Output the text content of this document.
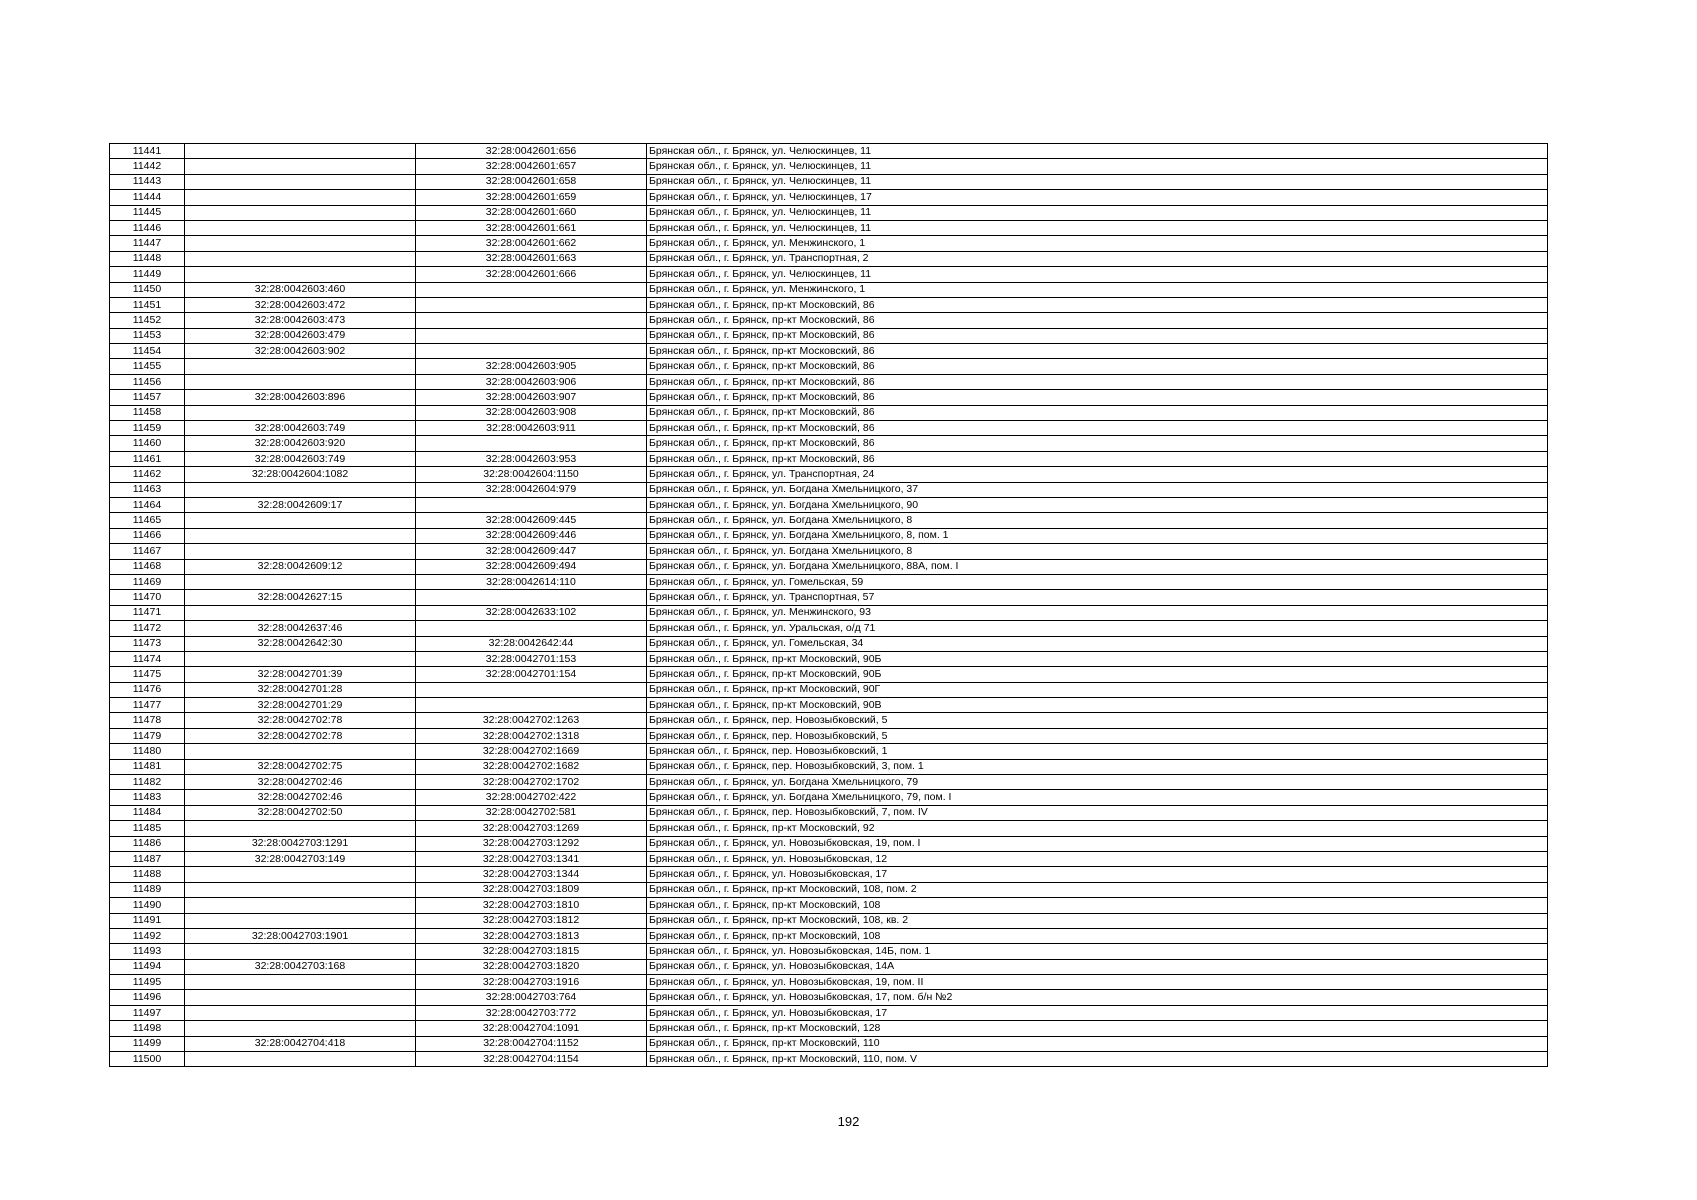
11441		32:28:0042601:656	Брянская обл., г. Брянск, ул. Челюскинцев, 11
11442		32:28:0042601:657	Брянская обл., г. Брянск, ул. Челюскинцев, 11
11443		32:28:0042601:658	Брянская обл., г. Брянск, ул. Челюскинцев, 11
11444		32:28:0042601:659	Брянская обл., г. Брянск, ул. Челюскинцев, 17
11445		32:28:0042601:660	Брянская обл., г. Брянск, ул. Челюскинцев, 11
11446		32:28:0042601:661	Брянская обл., г. Брянск, ул. Челюскинцев, 11
11447		32:28:0042601:662	Брянская обл., г. Брянск, ул. Менжинского, 1
11448		32:28:0042601:663	Брянская обл., г. Брянск, ул. Транспортная, 2
11449		32:28:0042601:666	Брянская обл., г. Брянск, ул. Челюскинцев, 11
11450	32:28:0042603:460		Брянская обл., г. Брянск, ул. Менжинского, 1
11451	32:28:0042603:472		Брянская обл., г. Брянск, пр-кт Московский, 86
11452	32:28:0042603:473		Брянская обл., г. Брянск, пр-кт Московский, 86
11453	32:28:0042603:479		Брянская обл., г. Брянск, пр-кт Московский, 86
11454	32:28:0042603:902		Брянская обл., г. Брянск, пр-кт Московский, 86
11455		32:28:0042603:905	Брянская обл., г. Брянск, пр-кт Московский, 86
11456		32:28:0042603:906	Брянская обл., г. Брянск, пр-кт Московский, 86
11457	32:28:0042603:896	32:28:0042603:907	Брянская обл., г. Брянск, пр-кт Московский, 86
11458		32:28:0042603:908	Брянская обл., г. Брянск, пр-кт Московский, 86
11459	32:28:0042603:749	32:28:0042603:911	Брянская обл., г. Брянск, пр-кт Московский, 86
11460	32:28:0042603:920		Брянская обл., г. Брянск, пр-кт Московский, 86
11461	32:28:0042603:749	32:28:0042603:953	Брянская обл., г. Брянск, пр-кт Московский, 86
11462	32:28:0042604:1082	32:28:0042604:1150	Брянская обл., г. Брянск, ул. Транспортная, 24
11463		32:28:0042604:979	Брянская обл., г. Брянск, ул. Богдана Хмельницкого, 37
11464	32:28:0042609:17		Брянская обл., г. Брянск, ул. Богдана Хмельницкого, 90
11465		32:28:0042609:445	Брянская обл., г. Брянск, ул. Богдана Хмельницкого, 8
11466		32:28:0042609:446	Брянская обл., г. Брянск, ул. Богдана Хмельницкого, 8, пом. 1
11467		32:28:0042609:447	Брянская обл., г. Брянск, ул. Богдана Хмельницкого, 8
11468	32:28:0042609:12	32:28:0042609:494	Брянская обл., г. Брянск, ул. Богдана Хмельницкого, 88А, пом. I
11469		32:28:0042614:110	Брянская обл., г. Брянск, ул. Гомельская, 59
11470	32:28:0042627:15		Брянская обл., г. Брянск, ул. Транспортная, 57
11471		32:28:0042633:102	Брянская обл., г. Брянск, ул. Менжинского, 93
11472	32:28:0042637:46		Брянская обл., г. Брянск, ул. Уральская, о/д 71
11473	32:28:0042642:30	32:28:0042642:44	Брянская обл., г. Брянск, ул. Гомельская, 34
11474		32:28:0042701:153	Брянская обл., г. Брянск, пр-кт Московский, 90Б
11475	32:28:0042701:39	32:28:0042701:154	Брянская обл., г. Брянск, пр-кт Московский, 90Б
11476	32:28:0042701:28		Брянская обл., г. Брянск, пр-кт Московский, 90Г
11477	32:28:0042701:29		Брянская обл., г. Брянск, пр-кт Московский, 90В
11478	32:28:0042702:78	32:28:0042702:1263	Брянская обл., г. Брянск, пер. Новозыбковский, 5
11479	32:28:0042702:78	32:28:0042702:1318	Брянская обл., г. Брянск, пер. Новозыбковский, 5
11480		32:28:0042702:1669	Брянская обл., г. Брянск, пер. Новозыбковский, 1
11481	32:28:0042702:75	32:28:0042702:1682	Брянская обл., г. Брянск, пер. Новозыбковский, 3, пом. 1
11482	32:28:0042702:46	32:28:0042702:1702	Брянская обл., г. Брянск, ул. Богдана Хмельницкого, 79
11483	32:28:0042702:46	32:28:0042702:422	Брянская обл., г. Брянск, ул. Богдана Хмельницкого, 79, пом. I
11484	32:28:0042702:50	32:28:0042702:581	Брянская обл., г. Брянск, пер. Новозыбковский, 7, пом. IV
11485		32:28:0042703:1269	Брянская обл., г. Брянск, пр-кт Московский, 92
11486	32:28:0042703:1291	32:28:0042703:1292	Брянская обл., г. Брянск, ул. Новозыбковская, 19, пом. I
11487	32:28:0042703:149	32:28:0042703:1341	Брянская обл., г. Брянск, ул. Новозыбковская, 12
11488		32:28:0042703:1344	Брянская обл., г. Брянск, ул. Новозыбковская, 17
11489		32:28:0042703:1809	Брянская обл., г. Брянск, пр-кт Московский, 108, пом. 2
11490		32:28:0042703:1810	Брянская обл., г. Брянск, пр-кт Московский, 108
11491		32:28:0042703:1812	Брянская обл., г. Брянск, пр-кт Московский, 108, кв. 2
11492	32:28:0042703:1901	32:28:0042703:1813	Брянская обл., г. Брянск, пр-кт Московский, 108
11493		32:28:0042703:1815	Брянская обл., г. Брянск, ул. Новозыбковская, 14Б, пом. 1
11494	32:28:0042703:168	32:28:0042703:1820	Брянская обл., г. Брянск, ул. Новозыбковская, 14А
11495		32:28:0042703:1916	Брянская обл., г. Брянск, ул. Новозыбковская, 19, пом. II
11496		32:28:0042703:764	Брянская обл., г. Брянск, ул. Новозыбковская, 17, пом. б/н №2
11497		32:28:0042703:772	Брянская обл., г. Брянск, ул. Новозыбковская, 17
11498		32:28:0042704:1091	Брянская обл., г. Брянск, пр-кт Московский, 128
11499	32:28:0042704:418	32:28:0042704:1152	Брянская обл., г. Брянск, пр-кт Московский, 110
11500		32:28:0042704:1154	Брянская обл., г. Брянск, пр-кт Московский, 110, пом. V
192
